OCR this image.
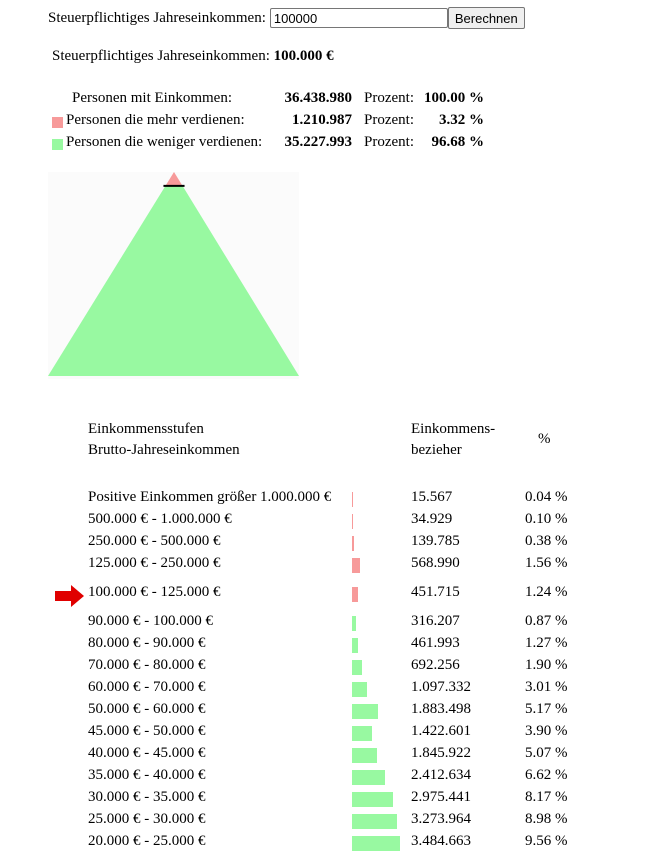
Steuerpflichtiges Jahreseinkommen:
100000	Berechnen
Steuerpflichtiges Jahreseinkommen: 100.000 €
Personen mit Einkommen:	36.438.980 Prozent: 100.00 %
Personen die mehr verdienen:	1.210.987 Prozent: 3.32 %
Personen die weniger verdienen: 35.227.993 Prozent: 96.68 %
Einkommensstufen
Brutto-Jahreseinkommen
Einkommens-
bezieher
%
Positive Einkommen größer 1.000.000 €	15.567	0.04 %
500.000 € - 1.000.000 €	34.929	0.10 %
250.000 € - 500.000 €	139.785	0.38 %
125.000 € - 250.000 €	568.990	1.56 %
100.000 € - 125.000 €	451.715	1.24 %
90.000 € - 100.000 €	316.207	0.87 %
80.000 € - 90.000 €	461.993	1.27 %
70.000 € - 80.000 €	692.256	1.90 %
60.000 € - 70.000 €	1.097.332	3.01 %
50.000 € - 60.000 €	1.883.498	5.17 %
45.000 € - 50.000 €	1.422.601	3.90 %
40.000 € - 45.000 €	1.845.922	5.07 %
35.000 € - 40.000 €	2.412.634	6.62 %
30.000 € - 35.000 €	2.975.441	8.17 %
25.000 € - 30.000 €	3.273.964	8.98 %
20.000 € - 25.000 €	3.484.663	9.56 %
